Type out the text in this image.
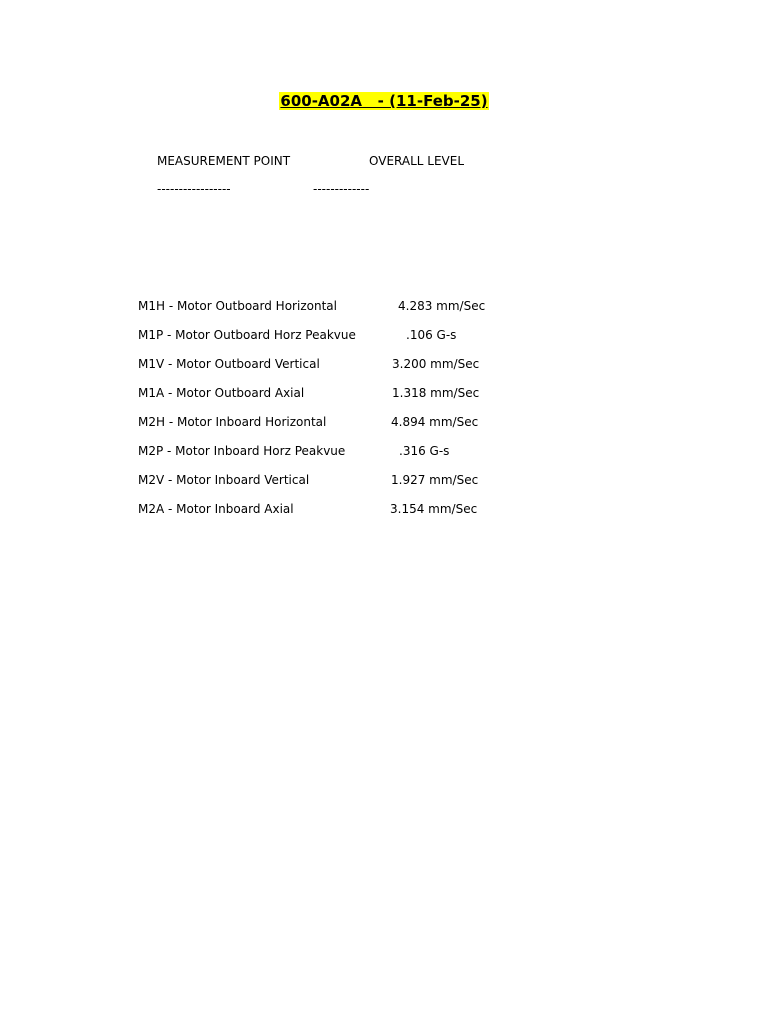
600-A02A   - (11-Feb-25)
MEASUREMENT POINT	OVERALL LEVEL
-----------------	-------------
M1H - Motor Outboard Horizontal	4.283 mm/Sec
M1P - Motor Outboard Horz Peakvue	.106 G-s
M1V - Motor Outboard Vertical	3.200 mm/Sec
M1A - Motor Outboard Axial	1.318 mm/Sec
M2H - Motor Inboard Horizontal	4.894 mm/Sec
M2P - Motor Inboard Horz Peakvue	.316 G-s
M2V - Motor Inboard Vertical	1.927 mm/Sec
M2A - Motor Inboard Axial	3.154 mm/Sec
